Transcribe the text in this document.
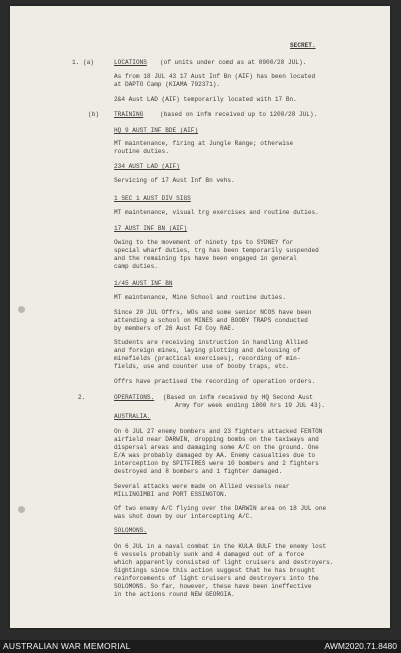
SECRET.
1. (a)	LOCATIONS (of units under comd as at 0900/28 JUL).
As from 18 JUL 43 17 Aust Inf Bn (AIF) has been located
at DAPTO Camp (KIAMA 792371).
2&4 Aust LAD (AIF) temporarily located with 17 Bn.
(b) TRAINING	(based on infm received up to 1200/28 JUL).
HQ 9 AUST INF BDE (AIF)
MT maintenance, firing at Jungle Range; otherwise
routine duties.
234 AUST LAD (AIF)
Servicing of 17 Aust Inf Bn vehs.
1 SEC 1 AUST DIV SIGS
MT maintenance, visual trg exercises and routine duties.
17 AUST INF BN (AIF)
Owing to the movement of ninety tps to SYDNEY for
special wharf duties, trg has been temporarily suspended
and the remaining tps have been engaged in general
camp duties.
1/45 AUST INF BN
MT maintenance, Mine School and routine duties.
Since 20 JUL Offrs, WOs and some senior NCOS have been
attending a school on MINES and BOOBY TRAPS conducted
by members of 26 Aust Fd Coy RAE.
Students are receiving instruction in handling Allied
and foreign mines, laying plotting and delousing of
minefields (practical exercises), recording of min-
fields, use and counter use of booby traps, etc.
Offrs have practised the recording of operation orders.
2.	OPERATIONS. (Based on infm received by HQ Second Aust
Army for week ending 1800 hrs 19 JUL 43).
AUSTRALIA.
On 6 JUL 27 enemy bombers and 23 fighters attacked FENTON
airfield near DARWIN, dropping bombs on the taxiways and
dispersal areas and damaging some A/C on the ground. One
E/A was probably damaged by AA. Enemy casualties due to
interception by SPITFIRES were 10 bombers and 2 fighters
destroyed and 8 bombers and 1 fighter damaged.
Several attacks were made on Allied vessels near
MILLINGIMBI and PORT ESSINGTON.
Of two enemy A/C flying over the DARWIN area on 18 JUL one
was shot down by our intercepting A/C.
SOLOMONS.
On 6 JUL in a naval combat in the KULA GULF the enemy lost
6 vessels probably sunk and 4 damaged out of a force
which apparently consisted of light cruisers and destroyers.
Sightings since this action suggest that he has brought
reinforcements of light cruisers and destroyers into the
SOLOMONS. So far, however, these have been ineffective
in the actions round NEW GEORGIA.
AUSTRALIAN WAR MEMORIAL	AWM2020.71.8480
